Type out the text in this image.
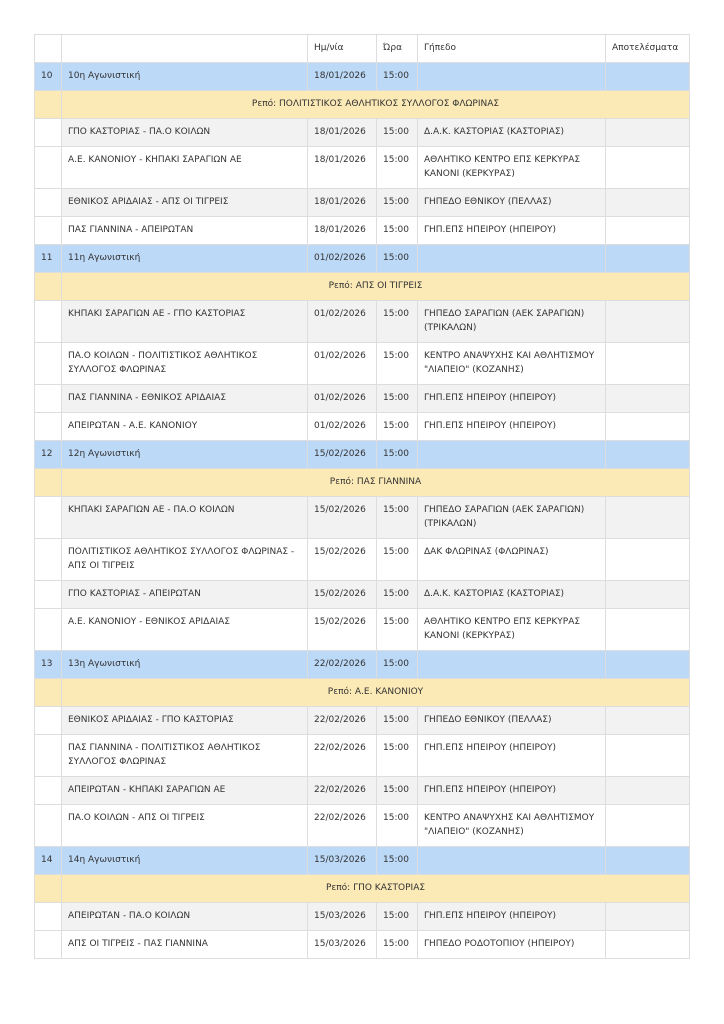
		Ημ/νία	Ώρα	Γήπεδο	Αποτελέσματα
10	10η Αγωνιστική	18/01/2026	15:00		
	Ρεπό: ΠΟΛΙΤΙΣΤΙΚΟΣ ΑΘΛΗΤΙΚΟΣ ΣΥΛΛΟΓΟΣ ΦΛΩΡΙΝΑΣ				
	ΓΠΟ ΚΑΣΤΟΡΙΑΣ - ΠΑ.Ο ΚΟΙΛΩΝ	18/01/2026	15:00	Δ.Α.Κ. ΚΑΣΤΟΡΙΑΣ (ΚΑΣΤΟΡΙΑΣ)	
	Α.Ε. ΚΑΝΟΝΙΟΥ - ΚΗΠΑΚΙ ΣΑΡΑΓΙΩΝ ΑΕ	18/01/2026	15:00	ΑΘΛΗΤΙΚΟ ΚΕΝΤΡΟ ΕΠΣ ΚΕΡΚΥΡΑΣ ΚΑΝΟΝΙ (ΚΕΡΚΥΡΑΣ)	
	ΕΘΝΙΚΟΣ ΑΡΙΔΑΙΑΣ - ΑΠΣ ΟΙ ΤΙΓΡΕΙΣ	18/01/2026	15:00	ΓΗΠΕΔΟ ΕΘΝΙΚΟΥ (ΠΕΛΛΑΣ)	
	ΠΑΣ ΓΙΑΝΝΙΝΑ - ΑΠΕΙΡΩΤΑΝ	18/01/2026	15:00	ΓΗΠ.ΕΠΣ ΗΠΕΙΡΟΥ (ΗΠΕΙΡΟΥ)	
11	11η Αγωνιστική	01/02/2026	15:00		
	Ρεπό: ΑΠΣ ΟΙ ΤΙΓΡΕΙΣ				
	ΚΗΠΑΚΙ ΣΑΡΑΓΙΩΝ ΑΕ - ΓΠΟ ΚΑΣΤΟΡΙΑΣ	01/02/2026	15:00	ΓΗΠΕΔΟ ΣΑΡΑΓΙΩΝ (ΑΕΚ ΣΑΡΑΓΙΩΝ) (ΤΡΙΚΑΛΩΝ)	
	ΠΑ.Ο ΚΟΙΛΩΝ - ΠΟΛΙΤΙΣΤΙΚΟΣ ΑΘΛΗΤΙΚΟΣ ΣΥΛΛΟΓΟΣ ΦΛΩΡΙΝΑΣ	01/02/2026	15:00	ΚΕΝΤΡΟ ΑΝΑΨΥΧΗΣ ΚΑΙ ΑΘΛΗΤΙΣΜΟΥ "ΛΙΑΠΕΙΟ" (ΚΟΖΑΝΗΣ)	
	ΠΑΣ ΓΙΑΝΝΙΝΑ - ΕΘΝΙΚΟΣ ΑΡΙΔΑΙΑΣ	01/02/2026	15:00	ΓΗΠ.ΕΠΣ ΗΠΕΙΡΟΥ (ΗΠΕΙΡΟΥ)	
	ΑΠΕΙΡΩΤΑΝ - Α.Ε. ΚΑΝΟΝΙΟΥ	01/02/2026	15:00	ΓΗΠ.ΕΠΣ ΗΠΕΙΡΟΥ (ΗΠΕΙΡΟΥ)	
12	12η Αγωνιστική	15/02/2026	15:00		
	Ρεπό: ΠΑΣ ΓΙΑΝΝΙΝΑ				
	ΚΗΠΑΚΙ ΣΑΡΑΓΙΩΝ ΑΕ - ΠΑ.Ο ΚΟΙΛΩΝ	15/02/2026	15:00	ΓΗΠΕΔΟ ΣΑΡΑΓΙΩΝ (ΑΕΚ ΣΑΡΑΓΙΩΝ) (ΤΡΙΚΑΛΩΝ)	
	ΠΟΛΙΤΙΣΤΙΚΟΣ ΑΘΛΗΤΙΚΟΣ ΣΥΛΛΟΓΟΣ ΦΛΩΡΙΝΑΣ - ΑΠΣ ΟΙ ΤΙΓΡΕΙΣ	15/02/2026	15:00	ΔΑΚ ΦΛΩΡΙΝΑΣ (ΦΛΩΡΙΝΑΣ)	
	ΓΠΟ ΚΑΣΤΟΡΙΑΣ - ΑΠΕΙΡΩΤΑΝ	15/02/2026	15:00	Δ.Α.Κ. ΚΑΣΤΟΡΙΑΣ (ΚΑΣΤΟΡΙΑΣ)	
	Α.Ε. ΚΑΝΟΝΙΟΥ - ΕΘΝΙΚΟΣ ΑΡΙΔΑΙΑΣ	15/02/2026	15:00	ΑΘΛΗΤΙΚΟ ΚΕΝΤΡΟ ΕΠΣ ΚΕΡΚΥΡΑΣ ΚΑΝΟΝΙ (ΚΕΡΚΥΡΑΣ)	
13	13η Αγωνιστική	22/02/2026	15:00		
	Ρεπό: Α.Ε. ΚΑΝΟΝΙΟΥ				
	ΕΘΝΙΚΟΣ ΑΡΙΔΑΙΑΣ - ΓΠΟ ΚΑΣΤΟΡΙΑΣ	22/02/2026	15:00	ΓΗΠΕΔΟ ΕΘΝΙΚΟΥ (ΠΕΛΛΑΣ)	
	ΠΑΣ ΓΙΑΝΝΙΝΑ - ΠΟΛΙΤΙΣΤΙΚΟΣ ΑΘΛΗΤΙΚΟΣ ΣΥΛΛΟΓΟΣ ΦΛΩΡΙΝΑΣ	22/02/2026	15:00	ΓΗΠ.ΕΠΣ ΗΠΕΙΡΟΥ (ΗΠΕΙΡΟΥ)	
	ΑΠΕΙΡΩΤΑΝ - ΚΗΠΑΚΙ ΣΑΡΑΓΙΩΝ ΑΕ	22/02/2026	15:00	ΓΗΠ.ΕΠΣ ΗΠΕΙΡΟΥ (ΗΠΕΙΡΟΥ)	
	ΠΑ.Ο ΚΟΙΛΩΝ - ΑΠΣ ΟΙ ΤΙΓΡΕΙΣ	22/02/2026	15:00	ΚΕΝΤΡΟ ΑΝΑΨΥΧΗΣ ΚΑΙ ΑΘΛΗΤΙΣΜΟΥ "ΛΙΑΠΕΙΟ" (ΚΟΖΑΝΗΣ)	
14	14η Αγωνιστική	15/03/2026	15:00		
	Ρεπό: ΓΠΟ ΚΑΣΤΟΡΙΑΣ				
	ΑΠΕΙΡΩΤΑΝ - ΠΑ.Ο ΚΟΙΛΩΝ	15/03/2026	15:00	ΓΗΠ.ΕΠΣ ΗΠΕΙΡΟΥ (ΗΠΕΙΡΟΥ)	
	ΑΠΣ ΟΙ ΤΙΓΡΕΙΣ - ΠΑΣ ΓΙΑΝΝΙΝΑ	15/03/2026	15:00	ΓΗΠΕΔΟ ΡΟΔΟΤΟΠΙΟΥ (ΗΠΕΙΡΟΥ)	
